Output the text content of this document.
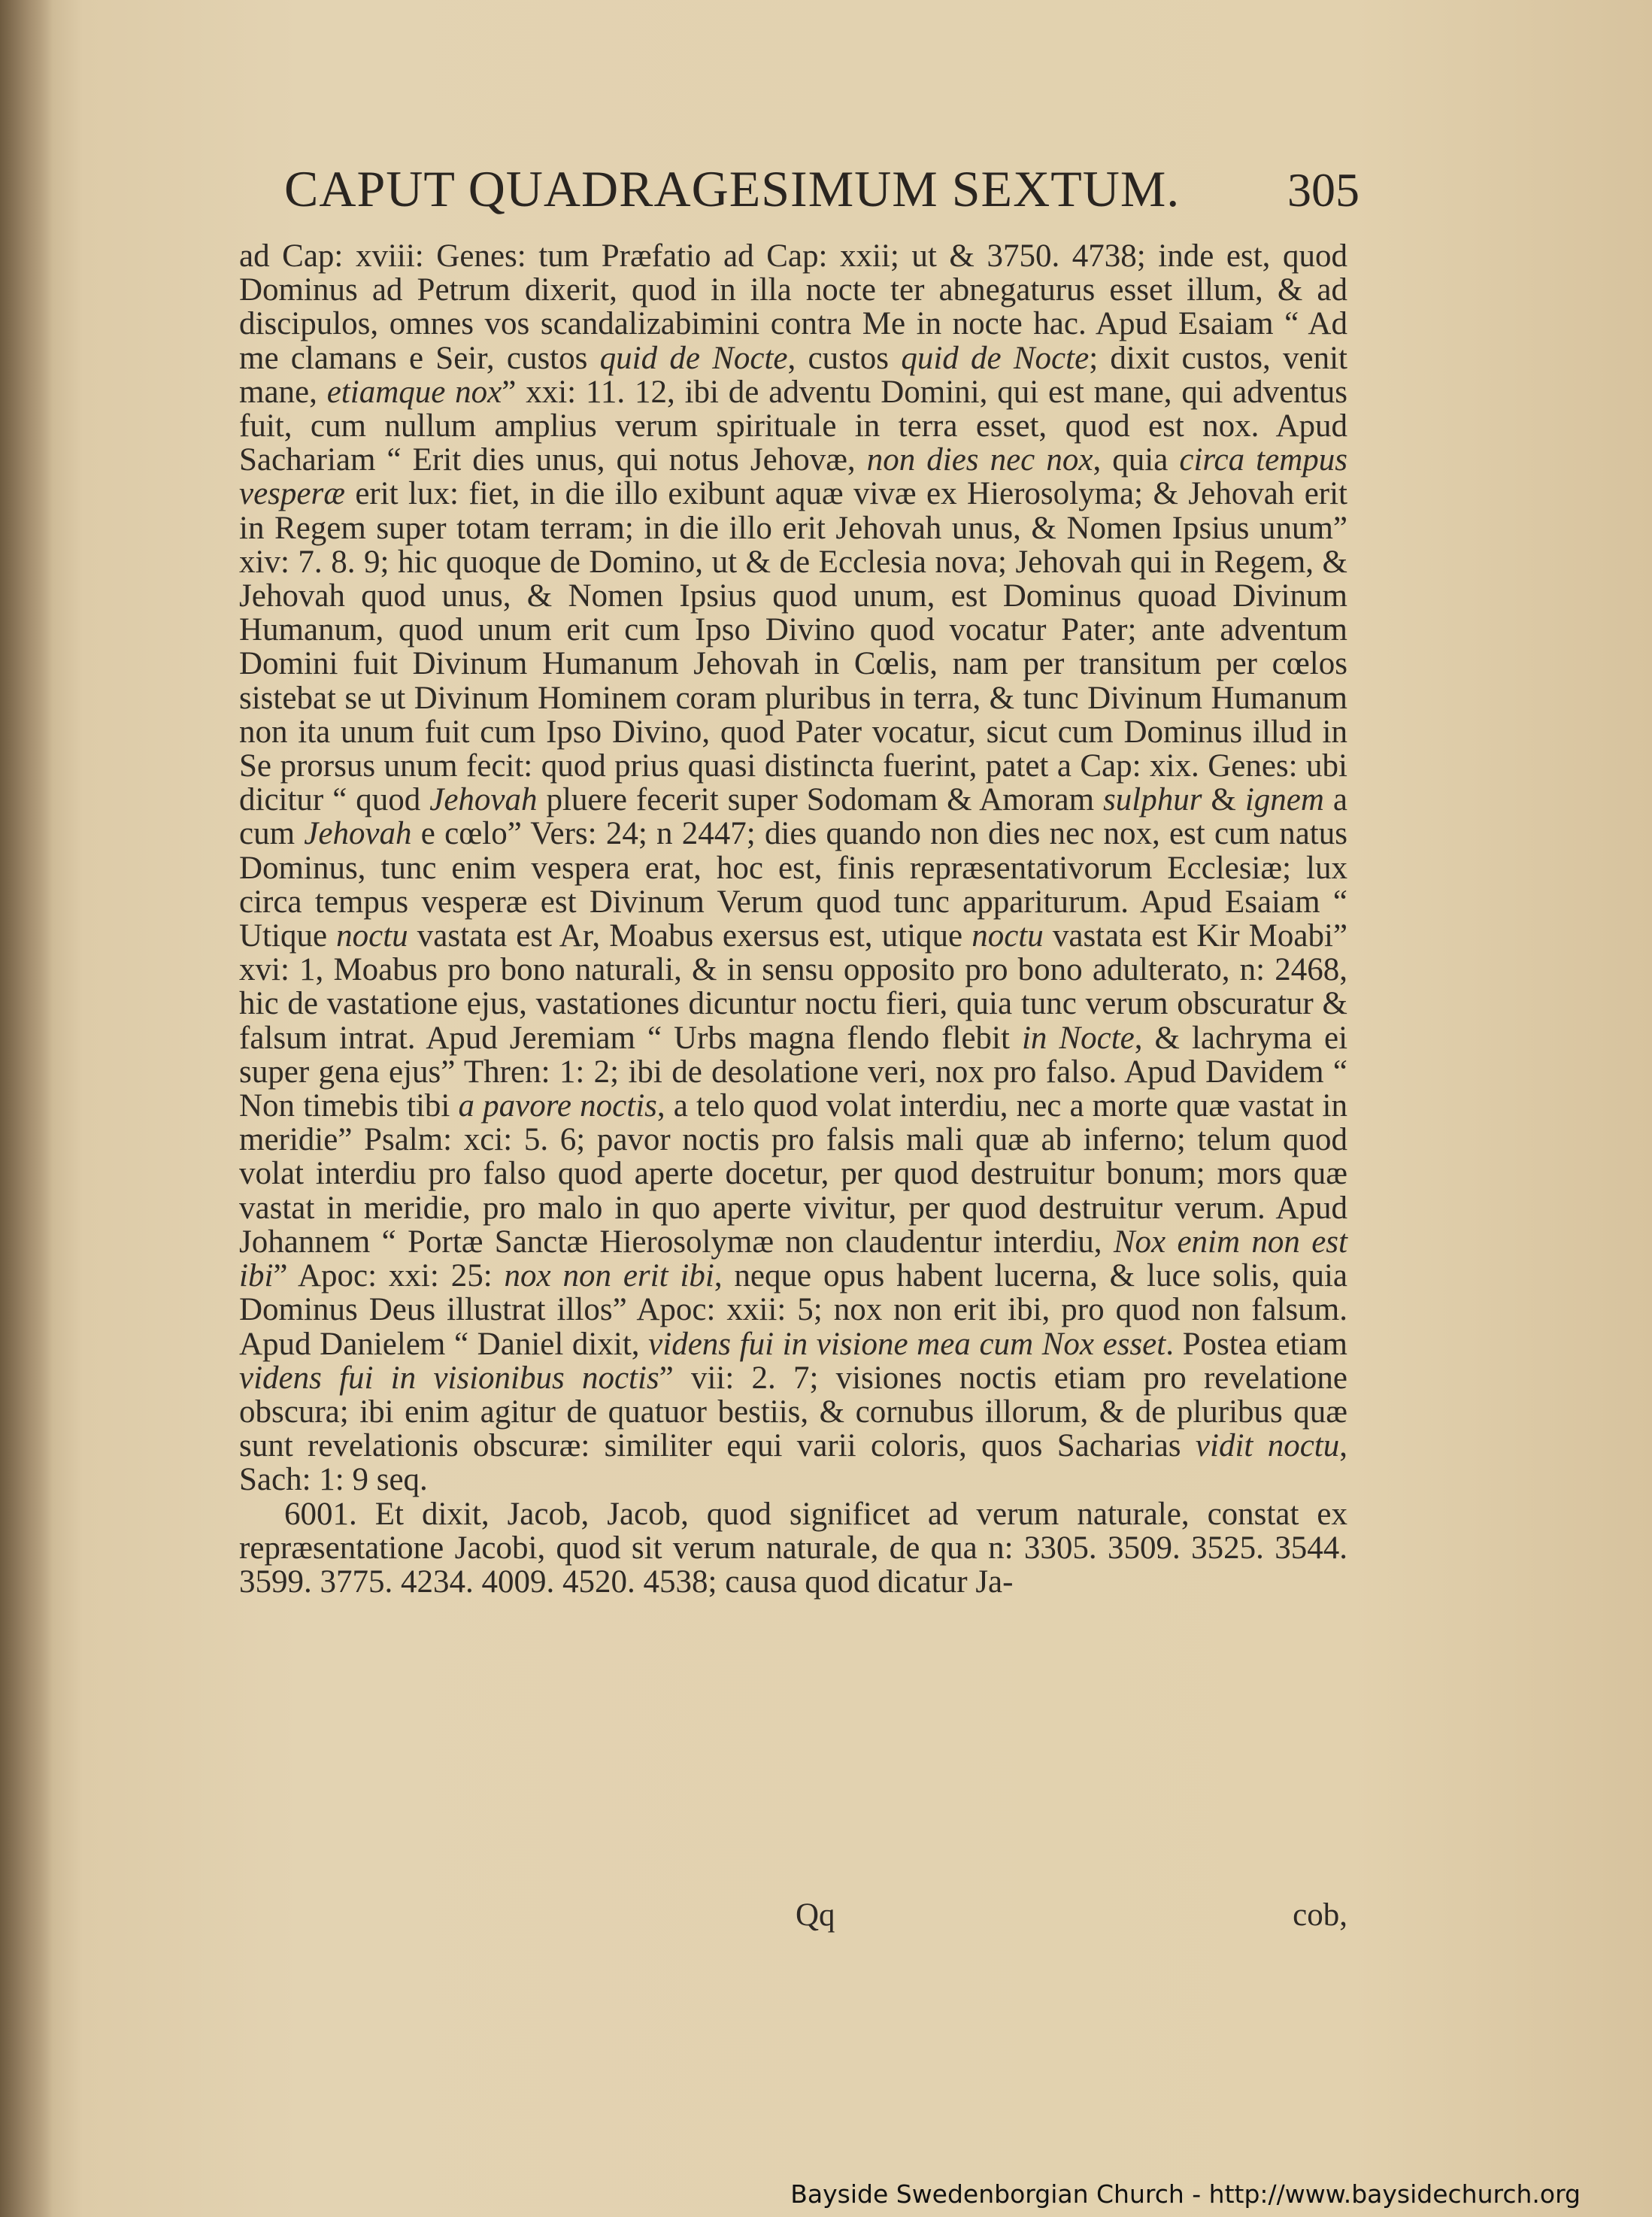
CAPUT QUADRAGESIMUM SEXTUM. 305

ad Cap: xviii: Genes: tum Præfatio ad Cap: xxii; ut & 3750. 4738; inde est, quod Dominus ad Petrum dixerit, quod in illa nocte ter abnegaturus esset illum, & ad discipulos, omnes vos scandalizabimini contra Me in nocte hac. Apud Esaiam “ Ad me clamans e Seir, custos quid de Nocte, custos quid de Nocte; dixit custos, venit mane, etiamque nox” xxi: 11. 12, ibi de adventu Domini, qui est mane, qui adventus fuit, cum nullum amplius verum spirituale in terra esset, quod est nox. Apud Sachariam “ Erit dies unus, qui notus Jehovæ, non dies nec nox, quia circa tempus vesperæ erit lux: fiet, in die illo exibunt aquæ vivæ ex Hierosolyma; & Jehovah erit in Regem super totam terram; in die illo erit Jehovah unus, & Nomen Ipsius unum” xiv: 7. 8. 9; hic quoque de Domino, ut & de Ecclesia nova; Jehovah qui in Regem, & Jehovah quod unus, & Nomen Ipsius quod unum, est Dominus quoad Divinum Humanum, quod unum erit cum Ipso Divino quod vocatur Pater; ante adventum Domini fuit Divinum Humanum Jehovah in Cœlis, nam per transitum per cœlos sistebat se ut Divinum Hominem coram pluribus in terra, & tunc Divinum Humanum non ita unum fuit cum Ipso Divino, quod Pater vocatur, sicut cum Dominus illud in Se prorsus unum fecit: quod prius quasi distincta fuerint, patet a Cap: xix. Genes: ubi dicitur “ quod Jehovah pluere fecerit super Sodomam & Amoram sulphur & ignem a cum Jehovah e cœlo” Vers: 24; n 2447; dies quando non dies nec nox, est cum natus Dominus, tunc enim vespera erat, hoc est, finis repræsentativorum Ecclesiæ; lux circa tempus vesperæ est Divinum Verum quod tunc appariturum. Apud Esaiam “ Utique noctu vastata est Ar, Moabus exersus est, utique noctu vastata est Kir Moabi” xvi: 1, Moabus pro bono naturali, & in sensu opposito pro bono adulterato, n: 2468, hic de vastatione ejus, vastationes dicuntur noctu fieri, quia tunc verum obscuratur & falsum intrat. Apud Jeremiam “ Urbs magna flendo flebit in Nocte, & lachryma ei super gena ejus” Thren: 1: 2; ibi de desolatione veri, nox pro falso. Apud Davidem “ Non timebis tibi a pavore noctis, a telo quod volat interdiu, nec a morte quæ vastat in meridie” Psalm: xci: 5. 6; pavor noctis pro falsis mali quæ ab inferno; telum quod volat interdiu pro falso quod aperte docetur, per quod destruitur bonum; mors quæ vastat in meridie, pro malo in quo aperte vivitur, per quod destruitur verum. Apud Johannem “ Portæ Sanctæ Hierosolymæ non claudentur interdiu, Nox enim non est ibi” Apoc: xxi: 25: nox non erit ibi, neque opus habent lucerna, & luce solis, quia Dominus Deus illustrat illos” Apoc: xxii: 5; nox non erit ibi, pro quod non falsum. Apud Danielem “ Daniel dixit, videns fui in visione mea cum Nox esset. Postea etiam videns fui in visionibus noctis” vii: 2. 7; visiones noctis etiam pro revelatione obscura; ibi enim agitur de quatuor bestiis, & cornubus illorum, & de pluribus quæ sunt revelationis obscuræ: similiter equi varii coloris, quos Sacharias vidit noctu, Sach: 1: 9 seq.

6001. Et dixit, Jacob, Jacob, quod significet ad verum naturale, constat ex repræsentatione Jacobi, quod sit verum naturale, de qua n: 3305. 3509. 3525. 3544. 3599. 3775. 4234. 4009. 4520. 4538; causa quod dicatur Ja-

Qq	cob,
Bayside Swedenborgian Church - http://www.baysidechurch.org
